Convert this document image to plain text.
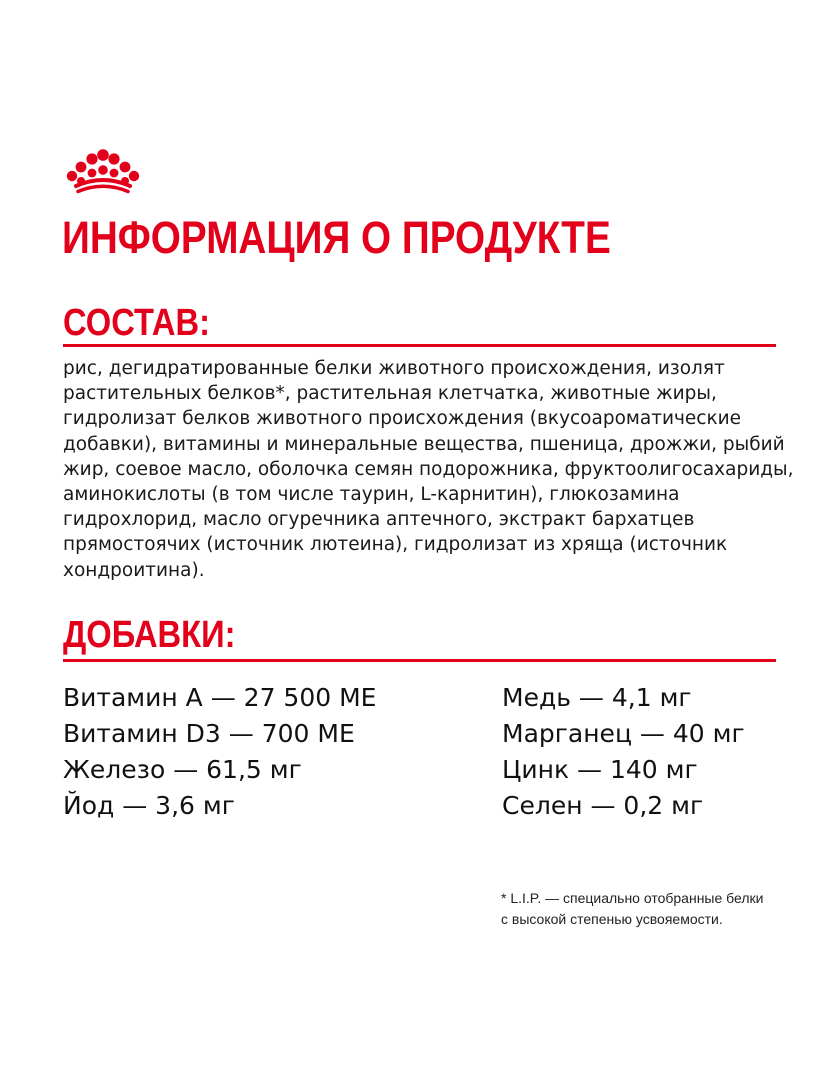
ИНФОРМАЦИЯ О ПРОДУКТЕ
СОСТАВ:

рис, дегидратированные белки животного происхождения, изолят растительных белков*, растительная клетчатка, животные жиры, гидролизат белков животного происхождения (вкусоароматические добавки), витамины и минеральные вещества, пшеница, дрожжи, рыбий жир, соевое масло, оболочка семян подорожника, фруктоолигосахариды, аминокислоты (в том числе таурин, L-карнитин), глюкозамина гидрохлорид, масло огуречника аптечного, экстракт бархатцев прямостоячих (источник лютеина), гидролизат из хряща (источник хондроитина).

ДОБАВКИ:
Витамин А — 27 500 МЕ
Витамин D3 — 700 МЕ
Железо — 61,5 мг
Йод — 3,6 мг
Медь — 4,1 мг
Марганец — 40 мг
Цинк — 140 мг
Селен — 0,2 мг

* L.I.P. — специально отобранные белки
с высокой степенью усвояемости.
